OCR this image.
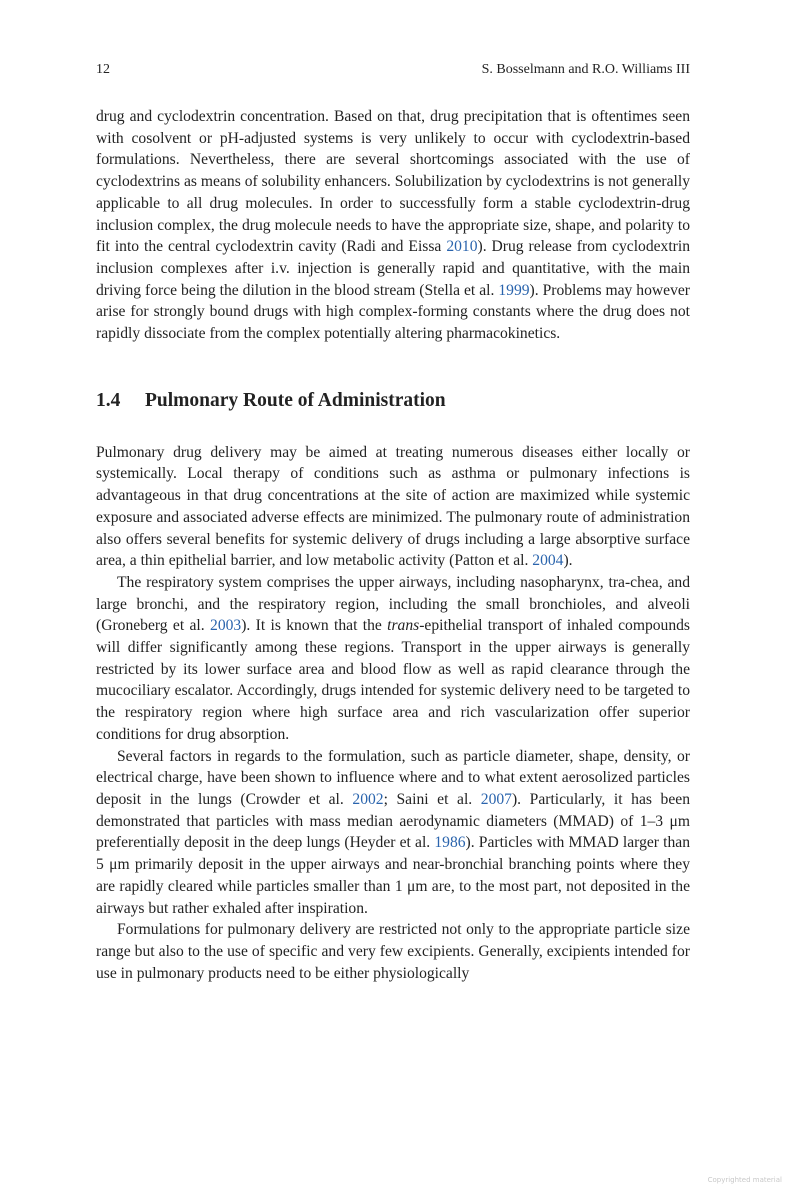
12	S. Bosselmann and R.O. Williams III

drug and cyclodextrin concentration. Based on that, drug precipitation that is oftentimes seen with cosolvent or pH-adjusted systems is very unlikely to occur with cyclodextrin-based formulations. Nevertheless, there are several shortcomings associated with the use of cyclodextrins as means of solubility enhancers. Solubilization by cyclodextrins is not generally applicable to all drug molecules. In order to successfully form a stable cyclodextrin-drug inclusion complex, the drug molecule needs to have the appropriate size, shape, and polarity to fit into the central cyclodextrin cavity (Radi and Eissa 2010). Drug release from cyclodextrin inclusion complexes after i.v. injection is generally rapid and quantitative, with the main driving force being the dilution in the blood stream (Stella et al. 1999). Problems may however arise for strongly bound drugs with high complex-forming constants where the drug does not rapidly dissociate from the complex potentially altering pharmacokinetics.

1.4 Pulmonary Route of Administration

Pulmonary drug delivery may be aimed at treating numerous diseases either locally or systemically. Local therapy of conditions such as asthma or pulmonary infections is advantageous in that drug concentrations at the site of action are maximized while systemic exposure and associated adverse effects are minimized. The pulmonary route of administration also offers several benefits for systemic delivery of drugs including a large absorptive surface area, a thin epithelial barrier, and low metabolic activity (Patton et al. 2004).

The respiratory system comprises the upper airways, including nasopharynx, tra-chea, and large bronchi, and the respiratory region, including the small bronchioles, and alveoli (Groneberg et al. 2003). It is known that the trans-epithelial transport of inhaled compounds will differ significantly among these regions. Transport in the upper airways is generally restricted by its lower surface area and blood flow as well as rapid clearance through the mucociliary escalator. Accordingly, drugs intended for systemic delivery need to be targeted to the respiratory region where high surface area and rich vascularization offer superior conditions for drug absorption.

Several factors in regards to the formulation, such as particle diameter, shape, density, or electrical charge, have been shown to influence where and to what extent aerosolized particles deposit in the lungs (Crowder et al. 2002; Saini et al. 2007). Particularly, it has been demonstrated that particles with mass median aerodynamic diameters (MMAD) of 1–3 μm preferentially deposit in the deep lungs (Heyder et al. 1986). Particles with MMAD larger than 5 μm primarily deposit in the upper airways and near-bronchial branching points where they are rapidly cleared while particles smaller than 1 μm are, to the most part, not deposited in the airways but rather exhaled after inspiration.

Formulations for pulmonary delivery are restricted not only to the appropriate particle size range but also to the use of specific and very few excipients. Generally, excipients intended for use in pulmonary products need to be either physiologically

Copyrighted material
